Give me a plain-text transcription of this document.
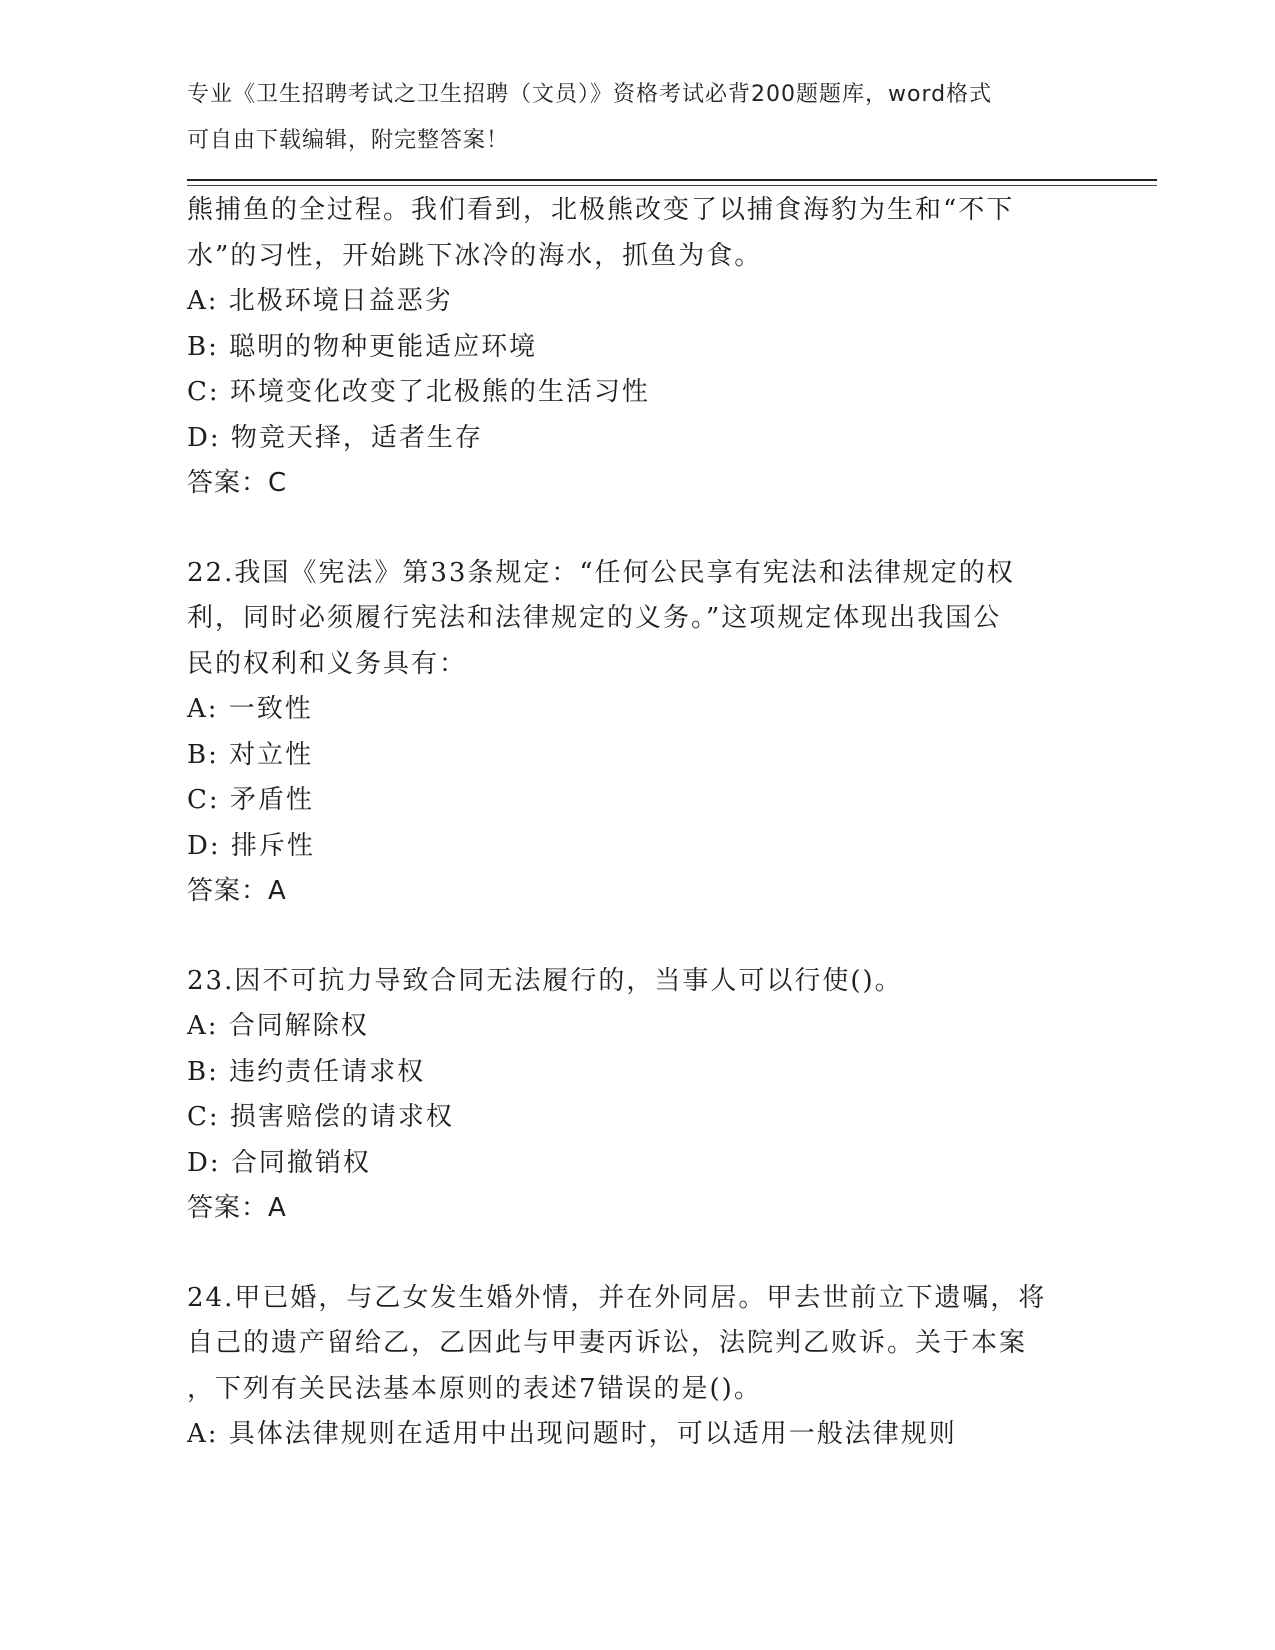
专业《卫生招聘考试之卫生招聘（文员）》资格考试必背200题题库，word格式
可自由下载编辑，附完整答案！
熊捕鱼的全过程。我们看到，北极熊改变了以捕食海豹为生和“不下
水”的习性，开始跳下冰冷的海水，抓鱼为食。
A: 北极环境日益恶劣
B: 聪明的物种更能适应环境
C: 环境变化改变了北极熊的生活习性
D: 物竞天择，适者生存
答案：C
22.我国《宪法》第33条规定：“任何公民享有宪法和法律规定的权
利，同时必须履行宪法和法律规定的义务。”这项规定体现出我国公
民的权利和义务具有：
A: 一致性
B: 对立性
C: 矛盾性
D: 排斥性
答案：A
23.因不可抗力导致合同无法履行的，当事人可以行使()。
A: 合同解除权
B: 违约责任请求权
C: 损害赔偿的请求权
D: 合同撤销权
答案：A
24.甲已婚，与乙女发生婚外情，并在外同居。甲去世前立下遗嘱，将
自己的遗产留给乙，乙因此与甲妻丙诉讼，法院判乙败诉。关于本案
，下列有关民法基本原则的表述7错误的是()。
A: 具体法律规则在适用中出现问题时，可以适用一般法律规则
